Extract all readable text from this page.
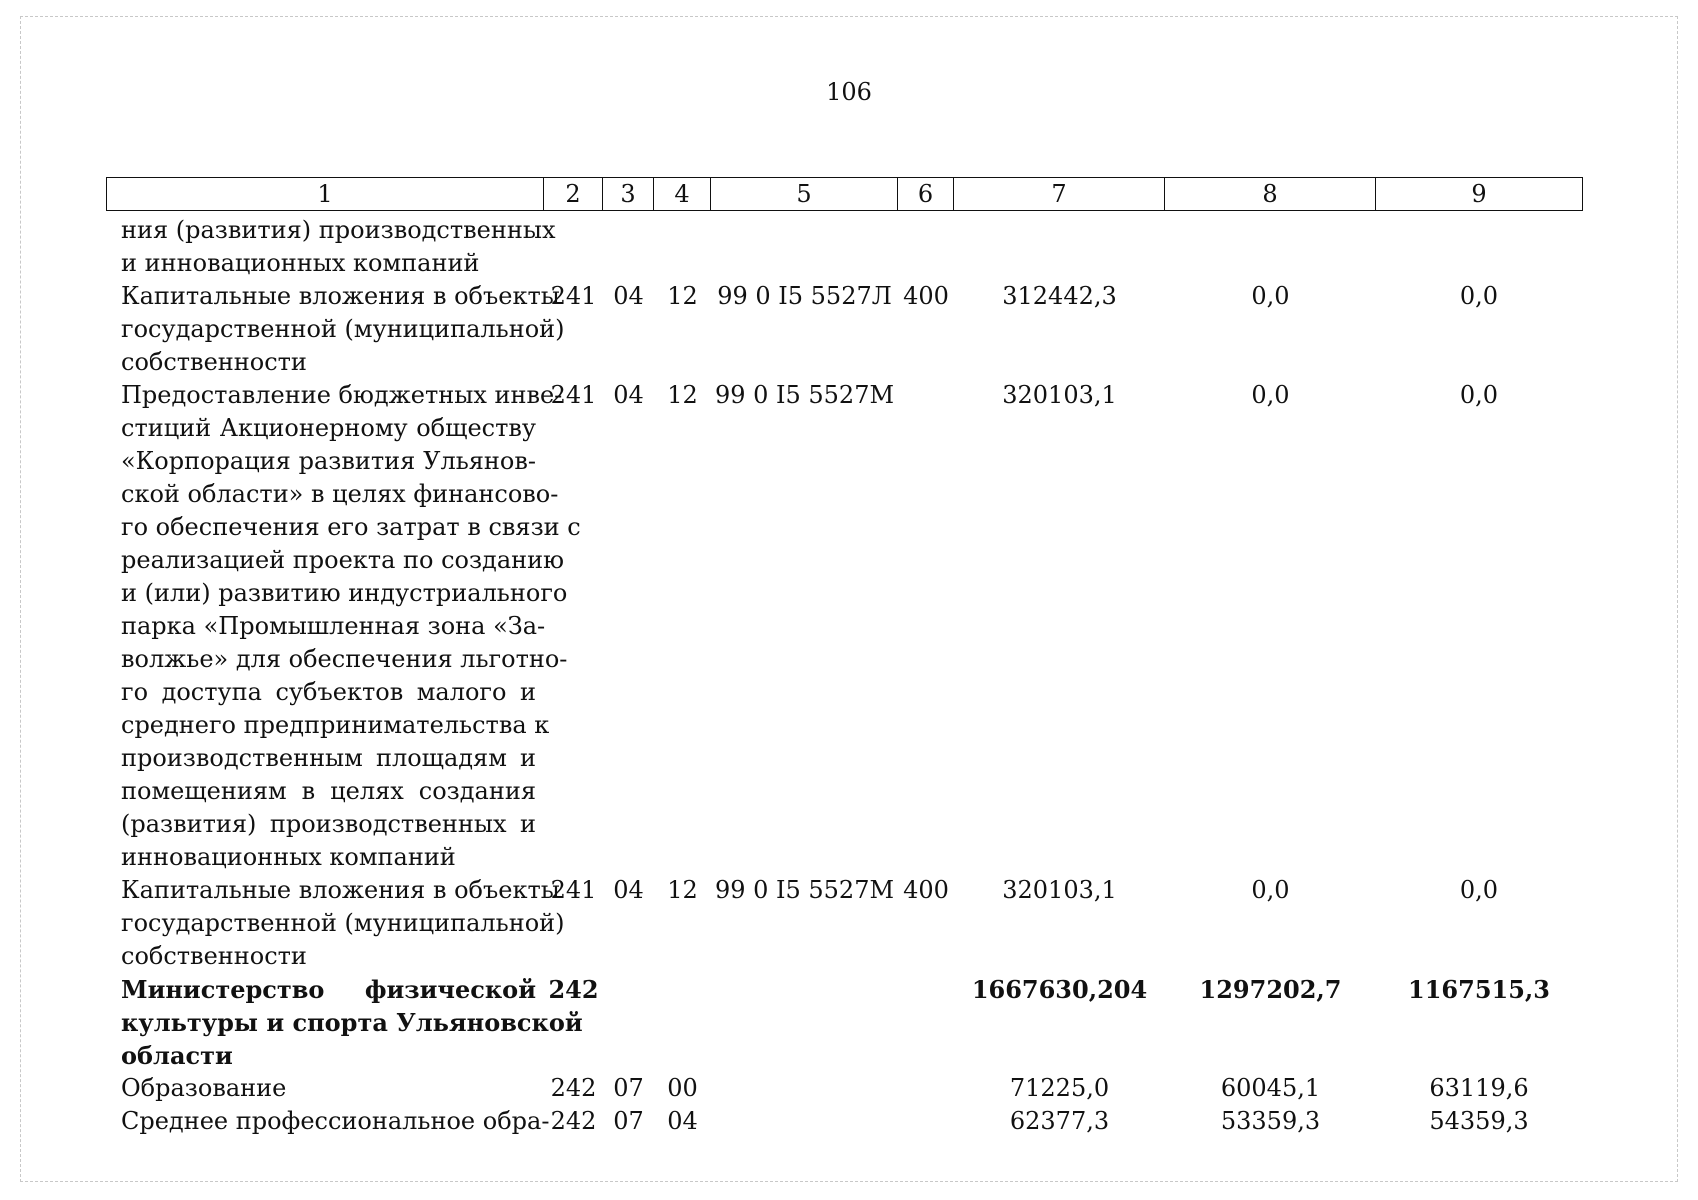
106
1	2	3	4	5	6	7	8	9
ния (развития) производственных
и инновационных компаний
Капитальные вложения в объекты
государственной (муниципальной)
собственности
241 04 12 99 0 I5 5527Л 400	312442,3	0,0	0,0
Предоставление бюджетных инве-
стиций Акционерному обществу
«Корпорация развития Ульянов-
ской области» в целях финансово-
го обеспечения его затрат в связи с
реализацией проекта по созданию
и (или) развитию индустриального
парка «Промышленная зона «За-
волжье» для обеспечения льготно-
го доступа субъектов малого и
среднего предпринимательства к
производственным площадям и
помещениям в целях создания
(развития) производственных и
инновационных компаний
241 04 12 99 0 I5 5527М	320103,1	0,0	0,0
Капитальные вложения в объекты
государственной (муниципальной)
собственности
241 04 12 99 0 I5 5527М 400	320103,1	0,0	0,0
Министерство физической
культуры и спорта Ульяновской
области
242	1667630,204	1297202,7	1167515,3
Образование	242 07 00	71225,0	60045,1	63119,6
Среднее профессиональное обра- 242 07 04	62377,3	53359,3	54359,3
